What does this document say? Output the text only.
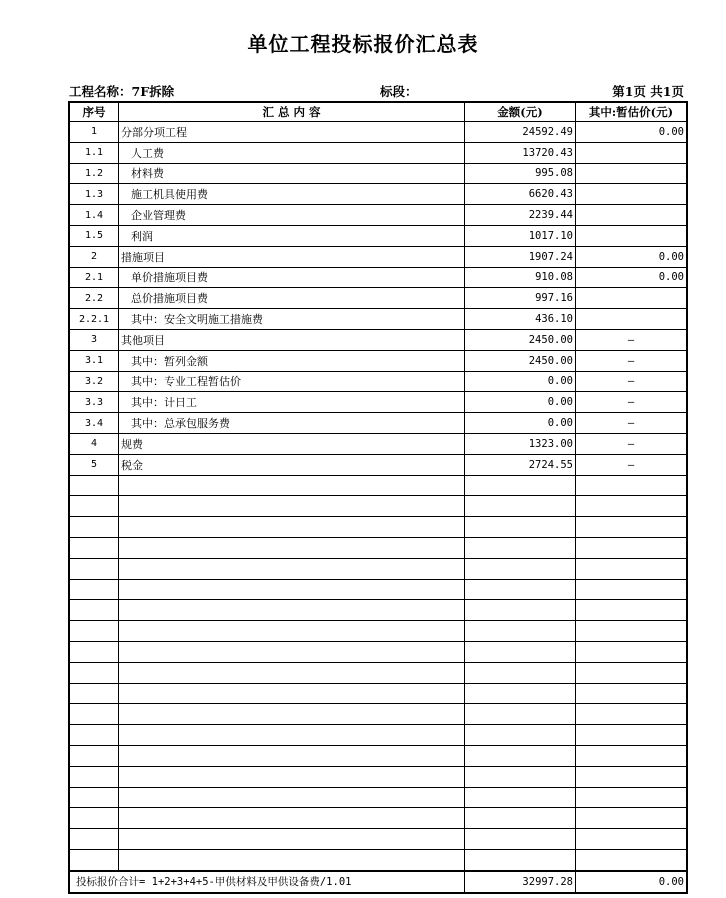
单位工程投标报价汇总表
工程名称：7F拆除	标段：	第1页 共1页
序号	汇 总 内 容	金额(元)	其中:暂估价(元)
1	分部分项工程	24592.49	0.00
1.1	人工费	13720.43	
1.2	材料费	995.08	
1.3	施工机具使用费	6620.43	
1.4	企业管理费	2239.44	
1.5	利润	1017.10	
2	措施项目	1907.24	0.00
2.1	单价措施项目费	910.08	0.00
2.2	总价措施项目费	997.16	
2.2.1	其中：安全文明施工措施费	436.10	
3	其他项目	2450.00	—
3.1	其中：暂列金额	2450.00	—
3.2	其中：专业工程暂估价	0.00	—
3.3	其中：计日工	0.00	—
3.4	其中：总承包服务费	0.00	—
4	规费	1323.00	—
5	税金	2724.55	—

投标报价合计= 1+2+3+4+5-甲供材料及甲供设备费/1.01		32997.28	0.00
